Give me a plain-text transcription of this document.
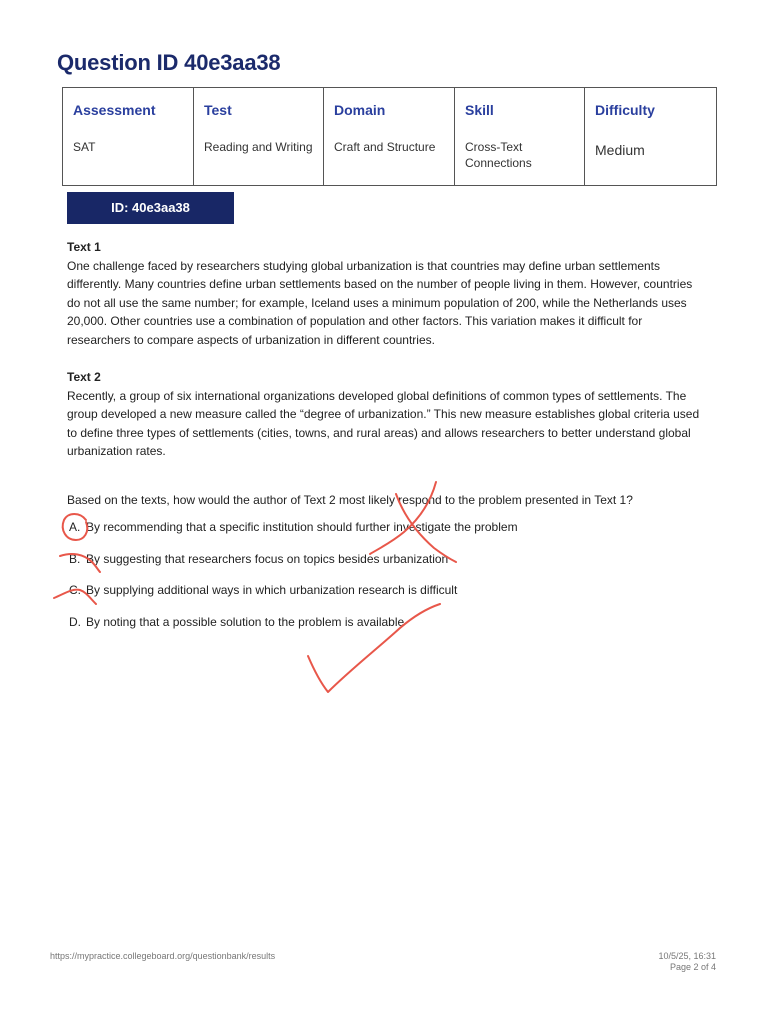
Question ID 40e3aa38
Assessment	Test	Domain	Skill	Difficulty
SAT	Reading and Writing	Craft and Structure	Cross-Text Connections	Medium
ID: 40e3aa38
Text 1
One challenge faced by researchers studying global urbanization is that countries may define urban settlements differently. Many countries define urban settlements based on the number of people living in them. However, countries do not all use the same number; for example, Iceland uses a minimum population of 200, while the Netherlands uses 20,000. Other countries use a combination of population and other factors. This variation makes it difficult for researchers to compare aspects of urbanization in different countries.
Text 2
Recently, a group of six international organizations developed global definitions of common types of settlements. The group developed a new measure called the “degree of urbanization.” This new measure establishes global criteria used to define three types of settlements (cities, towns, and rural areas) and allows researchers to better understand global urbanization rates.
Based on the texts, how would the author of Text 2 most likely respond to the problem presented in Text 1?
A. By recommending that a specific institution should further investigate the problem
B. By suggesting that researchers focus on topics besides urbanization
C. By supplying additional ways in which urbanization research is difficult
D. By noting that a possible solution to the problem is available
https://mypractice.collegeboard.org/questionbank/results	10/5/25, 16:31
Page 2 of 4
